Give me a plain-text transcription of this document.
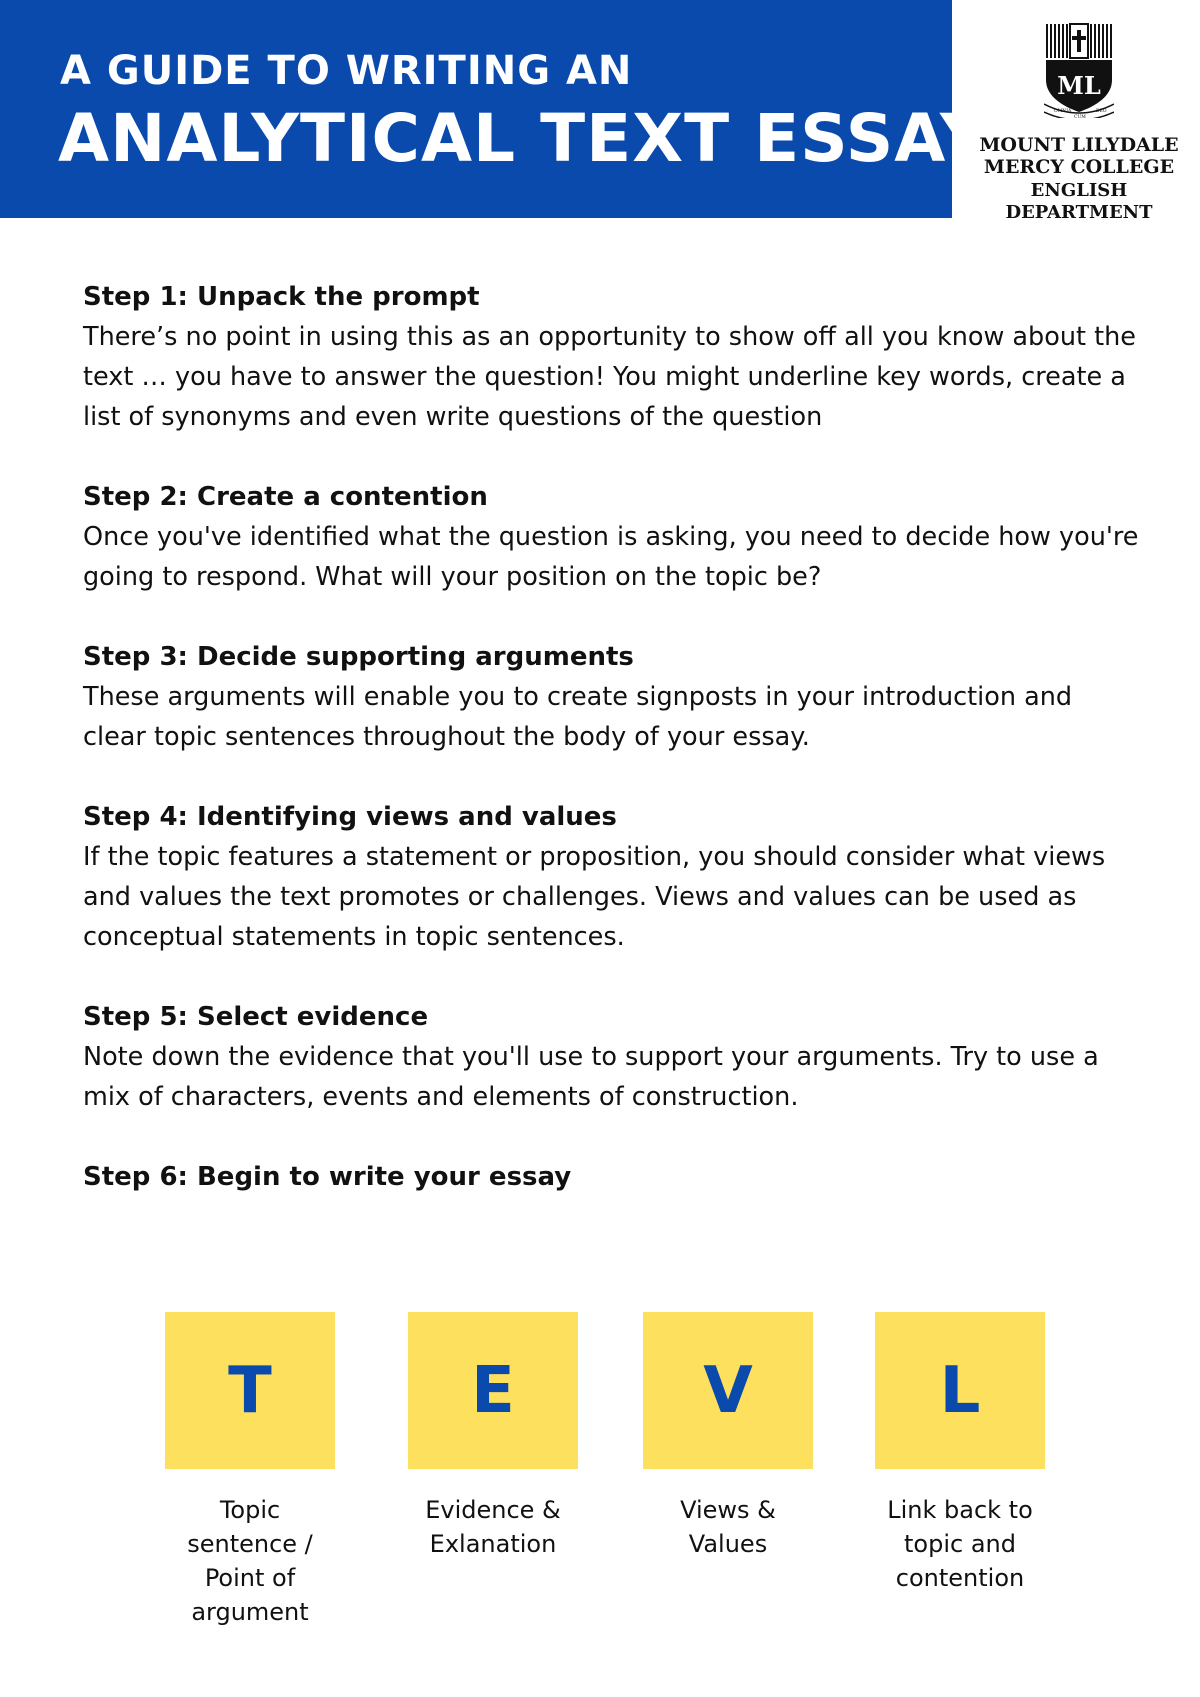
A GUIDE TO WRITING AN
ANALYTICAL TEXT ESSAY
ML
OMNIA
CUM
DEO
MOUNT LILYDALE
MERCY COLLEGE
ENGLISH
DEPARTMENT
Step 1: Unpack the prompt
There’s no point in using this as an opportunity to show off all you know about the text … you have to answer the question! You might underline key words, create a list of synonyms and even write questions of the question
Step 2: Create a contention
Once you've identified what the question is asking, you need to decide how you're going to respond. What will your position on the topic be?
Step 3: Decide supporting arguments
These arguments will enable you to create signposts in your introduction and clear topic sentences throughout the body of your essay.
Step 4: Identifying views and values
If the topic features a statement or proposition, you should consider what views and values the text promotes or challenges. Views and values can be used as conceptual statements in topic sentences.
Step 5: Select evidence
Note down the evidence that you'll use to support your arguments. Try to use a mix of characters, events and elements of construction.
Step 6: Begin to write your essay
T
Topic
sentence /
Point of
argument
E
Evidence &
Exlanation
V
Views &
Values
L
Link back to
topic and
contention
